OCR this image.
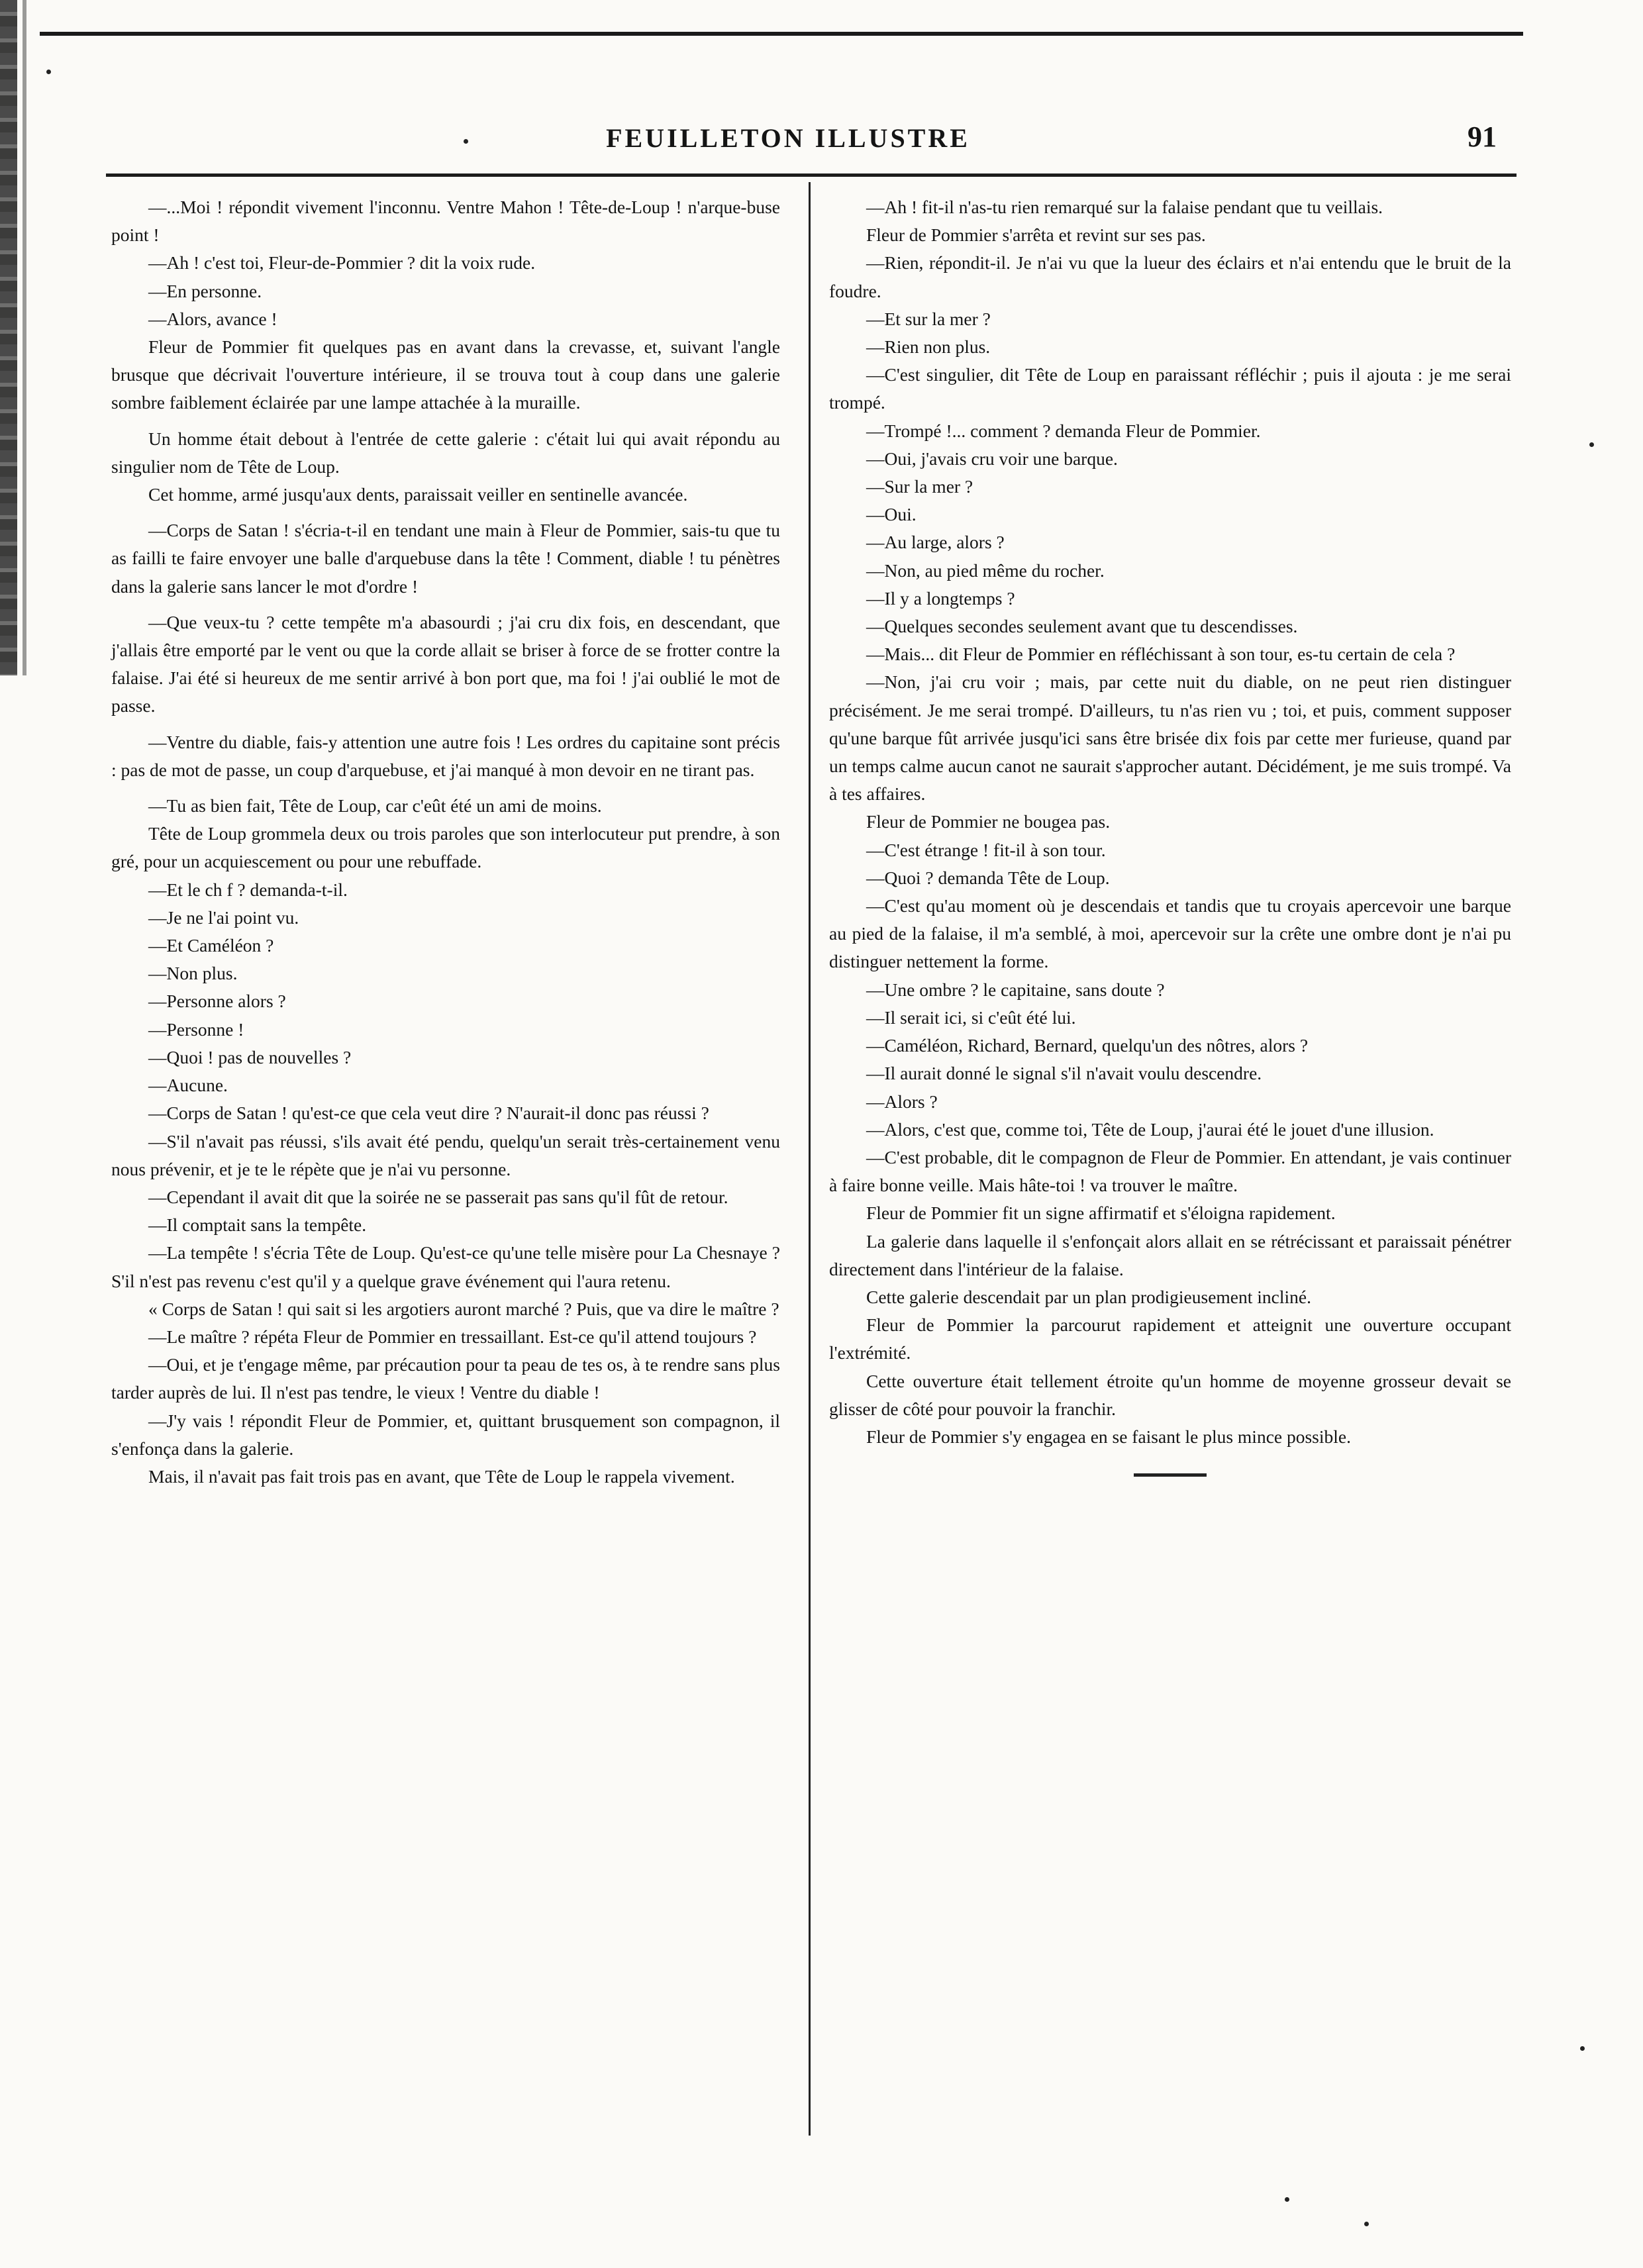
FEUILLETON ILLUSTRE	91

—...Moi ! répondit vivement l'inconnu. Ventre Mahon ! Tête-de-Loup ! n'arque-buse point !

—Ah ! c'est toi, Fleur-de-Pommier ? dit la voix rude.

—En personne.

—Alors, avance !

Fleur de Pommier fit quelques pas en avant dans la crevasse, et, suivant l'angle brusque que décrivait l'ouverture intérieure, il se trouva tout à coup dans une galerie sombre faiblement éclairée par une lampe attachée à la muraille.

Un homme était debout à l'entrée de cette galerie : c'était lui qui avait répondu au singulier nom de Tête de Loup.

Cet homme, armé jusqu'aux dents, paraissait veiller en sentinelle avancée.

—Corps de Satan ! s'écria-t-il en tendant une main à Fleur de Pommier, sais-tu que tu as failli te faire envoyer une balle d'arquebuse dans la tête ! Comment, diable ! tu pénètres dans la galerie sans lancer le mot d'ordre !

—Que veux-tu ? cette tempête m'a abasourdi ; j'ai cru dix fois, en descendant, que j'allais être emporté par le vent ou que la corde allait se briser à force de se frotter contre la falaise. J'ai été si heureux de me sentir arrivé à bon port que, ma foi ! j'ai oublié le mot de passe.

—Ventre du diable, fais-y attention une autre fois ! Les ordres du capitaine sont précis : pas de mot de passe, un coup d'arquebuse, et j'ai manqué à mon devoir en ne tirant pas.

—Tu as bien fait, Tête de Loup, car c'eût été un ami de moins.

Tête de Loup grommela deux ou trois paroles que son interlocuteur put prendre, à son gré, pour un acquiescement ou pour une rebuffade.

—Et le ch f ? demanda-t-il.

—Je ne l'ai point vu.

—Et Caméléon ?

—Non plus.

—Personne alors ?

—Personne !

—Quoi ! pas de nouvelles ?

—Aucune.

—Corps de Satan ! qu'est-ce que cela veut dire ? N'aurait-il donc pas réussi ?

—S'il n'avait pas réussi, s'ils avait été pendu, quelqu'un serait très-certainement venu nous prévenir, et je te le répète que je n'ai vu personne.

—Cependant il avait dit que la soirée ne se passerait pas sans qu'il fût de retour.

—Il comptait sans la tempête.

—La tempête ! s'écria Tête de Loup. Qu'est-ce qu'une telle misère pour La Chesnaye ? S'il n'est pas revenu c'est qu'il y a quelque grave événement qui l'aura retenu.

« Corps de Satan ! qui sait si les argotiers auront marché ? Puis, que va dire le maître ?

—Le maître ? répéta Fleur de Pommier en tressaillant. Est-ce qu'il attend toujours ?

—Oui, et je t'engage même, par précaution pour ta peau de tes os, à te rendre sans plus tarder auprès de lui. Il n'est pas tendre, le vieux ! Ventre du diable !

—J'y vais ! répondit Fleur de Pommier, et, quittant brusquement son compagnon, il s'enfonça dans la galerie.

Mais, il n'avait pas fait trois pas en avant, que Tête de Loup le rappela vivement.

—Ah ! fit-il n'as-tu rien remarqué sur la falaise pendant que tu veillais.

Fleur de Pommier s'arrêta et revint sur ses pas.

—Rien, répondit-il. Je n'ai vu que la lueur des éclairs et n'ai entendu que le bruit de la foudre.

—Et sur la mer ?

—Rien non plus.

—C'est singulier, dit Tête de Loup en paraissant réfléchir ; puis il ajouta : je me serai trompé.

—Trompé !... comment ? demanda Fleur de Pommier.

—Oui, j'avais cru voir une barque.

—Sur la mer ?

—Oui.

—Au large, alors ?

—Non, au pied même du rocher.

—Il y a longtemps ?

—Quelques secondes seulement avant que tu descendisses.

—Mais... dit Fleur de Pommier en réfléchissant à son tour, es-tu certain de cela ?

—Non, j'ai cru voir ; mais, par cette nuit du diable, on ne peut rien distinguer précisément. Je me serai trompé. D'ailleurs, tu n'as rien vu ; toi, et puis, comment supposer qu'une barque fût arrivée jusqu'ici sans être brisée dix fois par cette mer furieuse, quand par un temps calme aucun canot ne saurait s'approcher autant. Décidément, je me suis trompé. Va à tes affaires.

Fleur de Pommier ne bougea pas.

—C'est étrange ! fit-il à son tour.

—Quoi ? demanda Tête de Loup.

—C'est qu'au moment où je descendais et tandis que tu croyais apercevoir une barque au pied de la falaise, il m'a semblé, à moi, apercevoir sur la crête une ombre dont je n'ai pu distinguer nettement la forme.

—Une ombre ? le capitaine, sans doute ?

—Il serait ici, si c'eût été lui.

—Caméléon, Richard, Bernard, quelqu'un des nôtres, alors ?

—Il aurait donné le signal s'il n'avait voulu descendre.

—Alors ?

—Alors, c'est que, comme toi, Tête de Loup, j'aurai été le jouet d'une illusion.

—C'est probable, dit le compagnon de Fleur de Pommier. En attendant, je vais continuer à faire bonne veille. Mais hâte-toi ! va trouver le maître.

Fleur de Pommier fit un signe affirmatif et s'éloigna rapidement.

La galerie dans laquelle il s'enfonçait alors allait en se rétrécissant et paraissait pénétrer directement dans l'intérieur de la falaise.

Cette galerie descendait par un plan prodigieusement incliné.

Fleur de Pommier la parcourut rapidement et atteignit une ouverture occupant l'extrémité.

Cette ouverture était tellement étroite qu'un homme de moyenne grosseur devait se glisser de côté pour pouvoir la franchir.

Fleur de Pommier s'y engagea en se faisant le plus mince possible.
